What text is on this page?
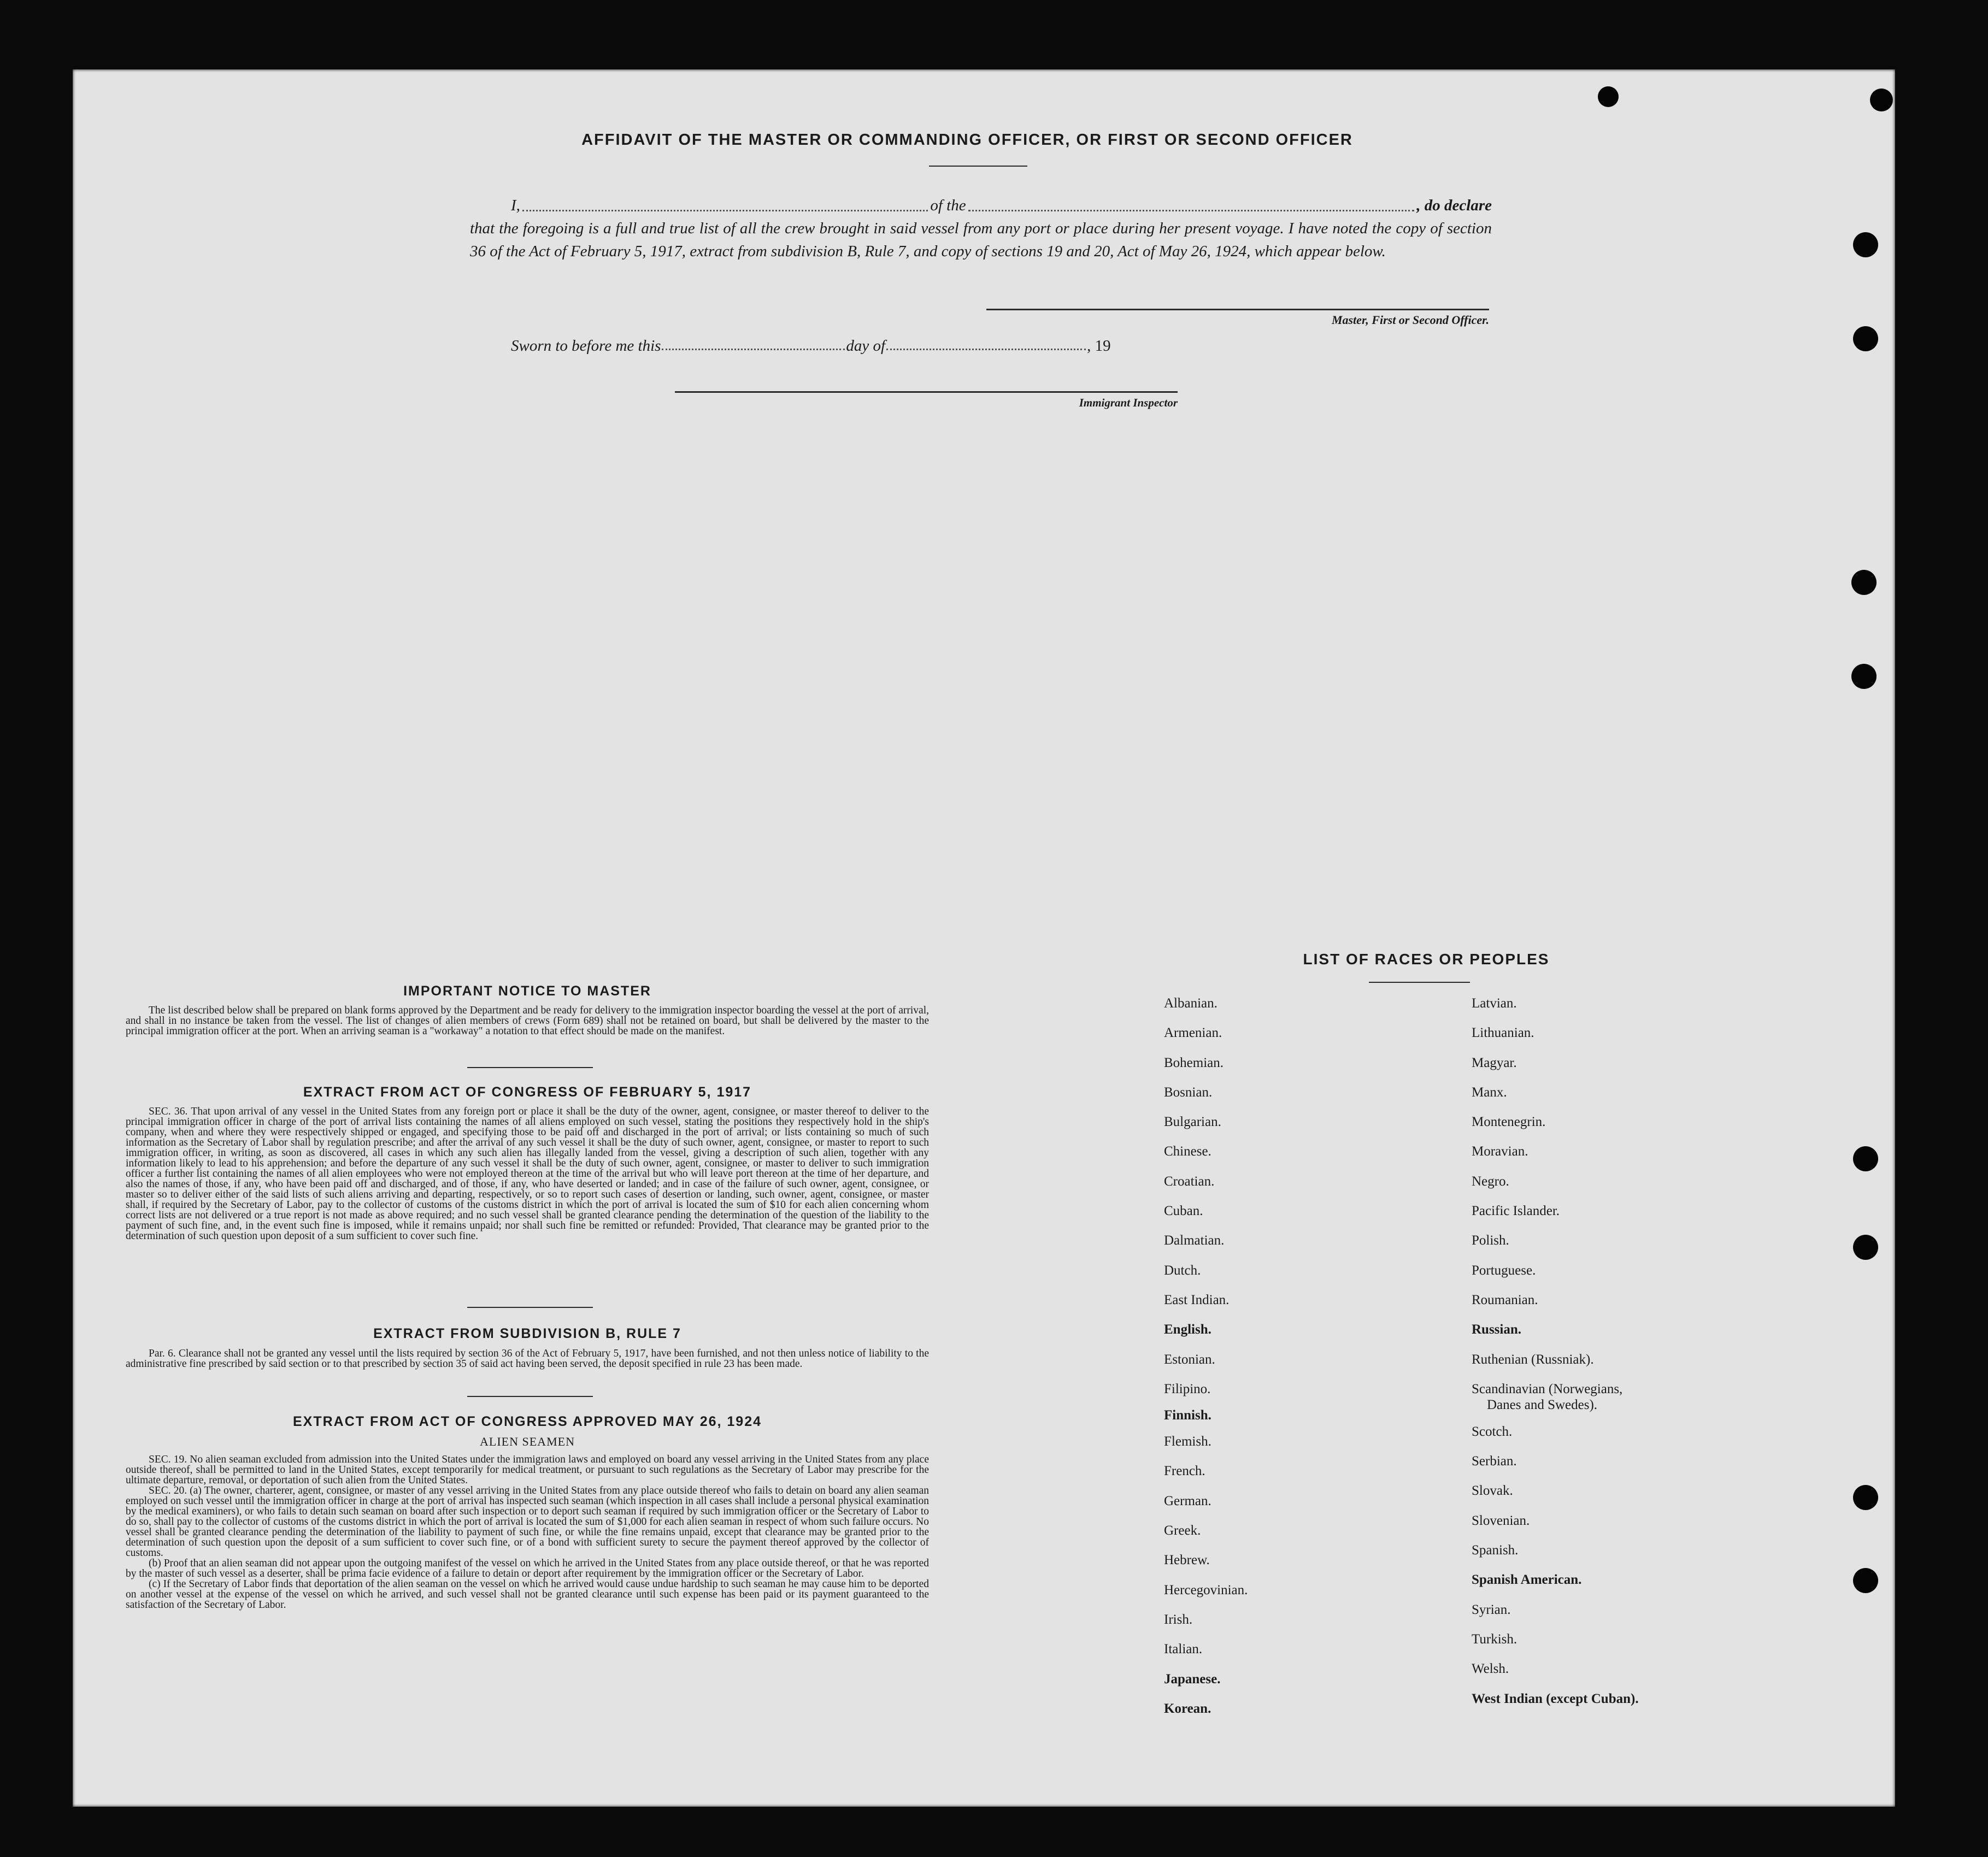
AFFIDAVIT OF THE MASTER OR COMMANDING OFFICER, OR FIRST OR SECOND OFFICER
I,	of the	, do declare
that the foregoing is a full and true list of all the crew brought in said vessel from any port or place during her present voyage. I have noted the copy of section 36 of the Act of February 5, 1917, extract from subdivision B, Rule 7, and copy of sections 19 and 20, Act of May 26, 1924, which appear below.
Master, First or Second Officer.
Sworn to before me this	day of	, 19
Immigrant Inspector
IMPORTANT NOTICE TO MASTER

The list described below shall be prepared on blank forms approved by the Department and be ready for delivery to the immigration inspector boarding the vessel at the port of arrival, and shall in no instance be taken from the vessel. The list of changes of alien members of crews (Form 689) shall not be retained on board, but shall be delivered by the master to the principal immigration officer at the port. When an arriving seaman is a "workaway" a notation to that effect should be made on the manifest.

EXTRACT FROM ACT OF CONGRESS OF FEBRUARY 5, 1917

SEC. 36. That upon arrival of any vessel in the United States from any foreign port or place it shall be the duty of the owner, agent, consignee, or master thereof to deliver to the principal immigration officer in charge of the port of arrival lists containing the names of all aliens employed on such vessel, stating the positions they respectively hold in the ship's company, when and where they were respectively shipped or engaged, and specifying those to be paid off and discharged in the port of arrival; or lists containing so much of such information as the Secretary of Labor shall by regulation prescribe; and after the arrival of any such vessel it shall be the duty of such owner, agent, consignee, or master to report to such immigration officer, in writing, as soon as discovered, all cases in which any such alien has illegally landed from the vessel, giving a description of such alien, together with any information likely to lead to his apprehension; and before the departure of any such vessel it shall be the duty of such owner, agent, consignee, or master to deliver to such immigration officer a further list containing the names of all alien employees who were not employed thereon at the time of the arrival but who will leave port thereon at the time of her departure, and also the names of those, if any, who have been paid off and discharged, and of those, if any, who have deserted or landed; and in case of the failure of such owner, agent, consignee, or master so to deliver either of the said lists of such aliens arriving and departing, respectively, or so to report such cases of desertion or landing, such owner, agent, consignee, or master shall, if required by the Secretary of Labor, pay to the collector of customs of the customs district in which the port of arrival is located the sum of $10 for each alien concerning whom correct lists are not delivered or a true report is not made as above required; and no such vessel shall be granted clearance pending the determination of the question of the liability to the payment of such fine, and, in the event such fine is imposed, while it remains unpaid; nor shall such fine be remitted or refunded: Provided, That clearance may be granted prior to the determination of such question upon deposit of a sum sufficient to cover such fine.

EXTRACT FROM SUBDIVISION B, RULE 7

Par. 6. Clearance shall not be granted any vessel until the lists required by section 36 of the Act of February 5, 1917, have been furnished, and not then unless notice of liability to the administrative fine prescribed by said section or to that prescribed by section 35 of said act having been served, the deposit specified in rule 23 has been made.

EXTRACT FROM ACT OF CONGRESS APPROVED MAY 26, 1924
ALIEN SEAMEN

SEC. 19. No alien seaman excluded from admission into the United States under the immigration laws and employed on board any vessel arriving in the United States from any place outside thereof, shall be permitted to land in the United States, except temporarily for medical treatment, or pursuant to such regulations as the Secretary of Labor may prescribe for the ultimate departure, removal, or deportation of such alien from the United States.

SEC. 20. (a) The owner, charterer, agent, consignee, or master of any vessel arriving in the United States from any place outside thereof who fails to detain on board any alien seaman employed on such vessel until the immigration officer in charge at the port of arrival has inspected such seaman (which inspection in all cases shall include a personal physical examination by the medical examiners), or who fails to detain such seaman on board after such inspection or to deport such seaman if required by such immigration officer or the Secretary of Labor to do so, shall pay to the collector of customs of the customs district in which the port of arrival is located the sum of $1,000 for each alien seaman in respect of whom such failure occurs. No vessel shall be granted clearance pending the determination of the liability to payment of such fine, or while the fine remains unpaid, except that clearance may be granted prior to the determination of such question upon the deposit of a sum sufficient to cover such fine, or of a bond with sufficient surety to secure the payment thereof approved by the collector of customs.

(b) Proof that an alien seaman did not appear upon the outgoing manifest of the vessel on which he arrived in the United States from any place outside thereof, or that he was reported by the master of such vessel as a deserter, shall be prima facie evidence of a failure to detain or deport after requirement by the immigration officer or the Secretary of Labor.

(c) If the Secretary of Labor finds that deportation of the alien seaman on the vessel on which he arrived would cause undue hardship to such seaman he may cause him to be deported on another vessel at the expense of the vessel on which he arrived, and such vessel shall not be granted clearance until such expense has been paid or its payment guaranteed to the satisfaction of the Secretary of Labor.

LIST OF RACES OR PEOPLES
Albanian.
Armenian.
Bohemian.
Bosnian.
Bulgarian.
Chinese.
Croatian.
Cuban.
Dalmatian.
Dutch.
East Indian.
English.
Estonian.
Filipino.
Finnish.
Flemish.
French.
German.
Greek.
Hebrew.
Hercegovinian.
Irish.
Italian.
Japanese.
Korean.
Latvian.
Lithuanian.
Magyar.
Manx.
Montenegrin.
Moravian.
Negro.
Pacific Islander.
Polish.
Portuguese.
Roumanian.
Russian.
Ruthenian (Russniak).
Scandinavian (Norwegians,
Danes and Swedes).
Scotch.
Serbian.
Slovak.
Slovenian.
Spanish.
Spanish American.
Syrian.
Turkish.
Welsh.
West Indian (except Cuban).
